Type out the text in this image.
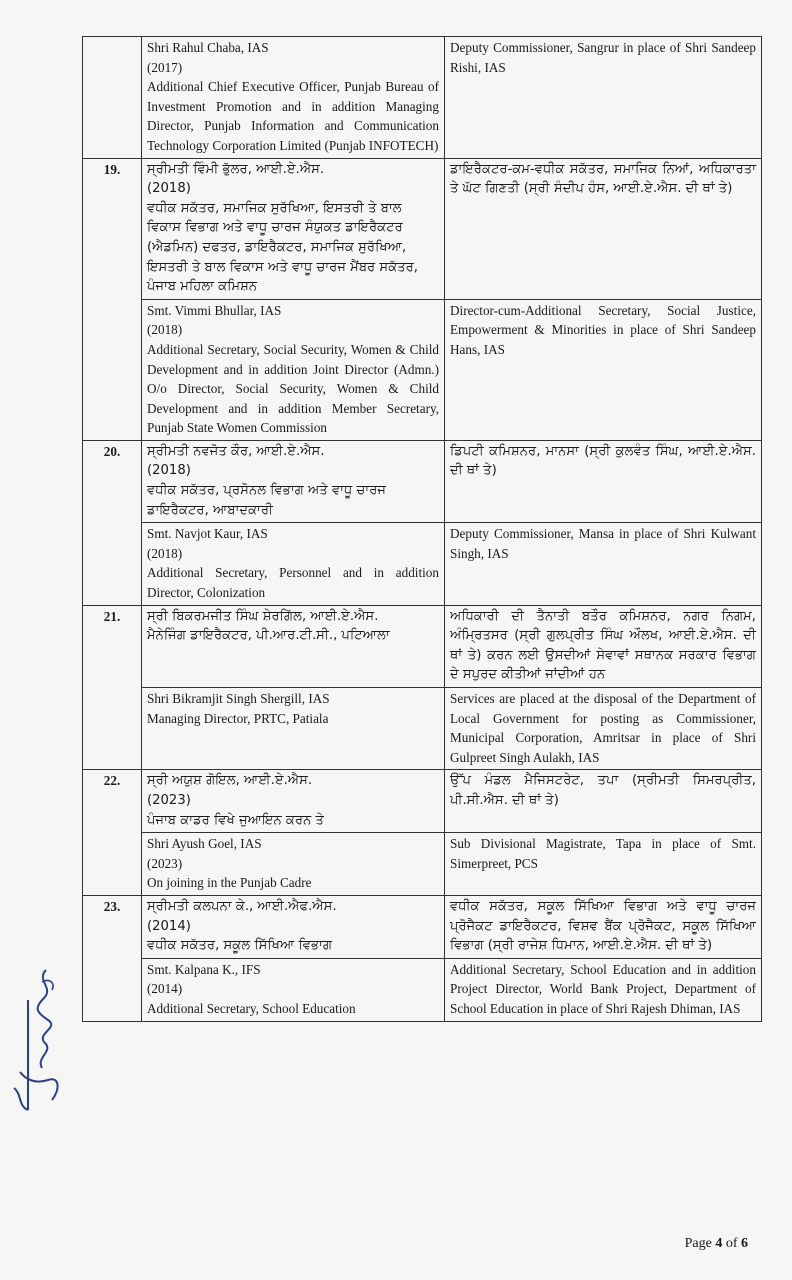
	Shri Rahul Chaba, IAS
(2017)
Additional Chief Executive Officer, Punjab Bureau of Investment Promotion and in addition Managing Director, Punjab Information and Communication Technology Corporation Limited (Punjab INFOTECH)	Deputy Commissioner, Sangrur in place of Shri Sandeep Rishi, IAS
19.	ਸ੍ਰੀਮਤੀ ਵਿੰਮੀ ਭੁੱਲਰ, ਆਈ.ਏ.ਐਸ.
(2018)
ਵਧੀਕ ਸਕੱਤਰ, ਸਮਾਜਿਕ ਸੁਰੱਖਿਆ, ਇਸਤਰੀ ਤੇ ਬਾਲ ਵਿਕਾਸ ਵਿਭਾਗ ਅਤੇ ਵਾਧੂ ਚਾਰਜ ਸੰਯੁਕਤ ਡਾਇਰੈਕਟਰ (ਐਡਮਿਨ) ਦਫਤਰ, ਡਾਇਰੈਕਟਰ, ਸਮਾਜਿਕ ਸੁਰੱਖਿਆ, ਇਸਤਰੀ ਤੇ ਬਾਲ ਵਿਕਾਸ ਅਤੇ ਵਾਧੂ ਚਾਰਜ ਮੈਂਬਰ ਸਕੱਤਰ, ਪੰਜਾਬ ਮਹਿਲਾ ਕਮਿਸ਼ਨ	ਡਾਇਰੈਕਟਰ-ਕਮ-ਵਧੀਕ ਸਕੱਤਰ, ਸਮਾਜਿਕ ਨਿਆਂ, ਅਧਿਕਾਰਤਾ ਤੇ ਘੱਟ ਗਿਣਤੀ (ਸ੍ਰੀ ਸੰਦੀਪ ਹੰਸ, ਆਈ.ਏ.ਐਸ. ਦੀ ਥਾਂ ਤੇ)

	Smt. Vimmi Bhullar, IAS
(2018)
Additional Secretary, Social Security, Women & Child Development and in addition Joint Director (Admn.) O/o Director, Social Security, Women & Child Development and in addition Member Secretary, Punjab State Women Commission	Director-cum-Additional Secretary, Social Justice, Empowerment & Minorities in place of Shri Sandeep Hans, IAS
20.	ਸ੍ਰੀਮਤੀ ਨਵਜੋਤ ਕੌਰ, ਆਈ.ਏ.ਐਸ.
(2018)
ਵਧੀਕ ਸਕੱਤਰ, ਪ੍ਰਸੋਨਲ ਵਿਭਾਗ ਅਤੇ ਵਾਧੂ ਚਾਰਜ ਡਾਇਰੈਕਟਰ, ਆਬਾਦਕਾਰੀ	ਡਿਪਟੀ ਕਮਿਸ਼ਨਰ, ਮਾਨਸਾ (ਸ੍ਰੀ ਕੁਲਵੰਤ ਸਿੰਘ, ਆਈ.ਏ.ਐਸ. ਦੀ ਥਾਂ ਤੇ)

	Smt. Navjot Kaur, IAS
(2018)
Additional Secretary, Personnel and in addition Director, Colonization	Deputy Commissioner, Mansa in place of Shri Kulwant Singh, IAS
21.	ਸ੍ਰੀ ਬਿਕਰਮਜੀਤ ਸਿੰਘ ਸ਼ੇਰਗਿੱਲ, ਆਈ.ਏ.ਐਸ.
ਮੈਨੇਜਿੰਗ ਡਾਇਰੈਕਟਰ, ਪੀ.ਆਰ.ਟੀ.ਸੀ., ਪਟਿਆਲਾ	ਅਧਿਕਾਰੀ ਦੀ ਤੈਨਾਤੀ ਬਤੌਰ ਕਮਿਸ਼ਨਰ, ਨਗਰ ਨਿਗਮ, ਅੰਮ੍ਰਿਤਸਰ (ਸ੍ਰੀ ਗੁਲਪ੍ਰੀਤ ਸਿੰਘ ਔਲਖ, ਆਈ.ਏ.ਐਸ. ਦੀ ਥਾਂ ਤੇ) ਕਰਨ ਲਈ ਉਸਦੀਆਂ ਸੇਵਾਵਾਂ ਸਥਾਨਕ ਸਰਕਾਰ ਵਿਭਾਗ ਦੇ ਸਪੁਰਦ ਕੀਤੀਆਂ ਜਾਂਦੀਆਂ ਹਨ

	Shri Bikramjit Singh Shergill, IAS
Managing Director, PRTC, Patiala	Services are placed at the disposal of the Department of Local Government for posting as Commissioner, Municipal Corporation, Amritsar in place of Shri Gulpreet Singh Aulakh, IAS
22.	ਸ੍ਰੀ ਅਯੁਸ਼ ਗੋਇਲ, ਆਈ.ਏ.ਐਸ.
(2023)
ਪੰਜਾਬ ਕਾਡਰ ਵਿਖੇ ਜੁਆਇਨ ਕਰਨ ਤੇ	ਉੱਪ ਮੰਡਲ ਮੈਜਿਸਟਰੇਟ, ਤਪਾ (ਸ੍ਰੀਮਤੀ ਸਿਮਰਪ੍ਰੀਤ, ਪੀ.ਸੀ.ਐਸ. ਦੀ ਥਾਂ ਤੇ)

	Shri Ayush Goel, IAS
(2023)
On joining in the Punjab Cadre	Sub Divisional Magistrate, Tapa in place of Smt. Simerpreet, PCS
23.	ਸ੍ਰੀਮਤੀ ਕਲਪਨਾ ਕੇ., ਆਈ.ਐਫ.ਐਸ.
(2014)
ਵਧੀਕ ਸਕੱਤਰ, ਸਕੂਲ ਸਿੱਖਿਆ ਵਿਭਾਗ	ਵਧੀਕ ਸਕੱਤਰ, ਸਕੂਲ ਸਿੱਖਿਆ ਵਿਭਾਗ ਅਤੇ ਵਾਧੂ ਚਾਰਜ ਪ੍ਰੋਜੈਕਟ ਡਾਇਰੈਕਟਰ, ਵਿਸ਼ਵ ਬੈਂਕ ਪ੍ਰੋਜੈਕਟ, ਸਕੂਲ ਸਿੱਖਿਆ ਵਿਭਾਗ (ਸ੍ਰੀ ਰਾਜੇਸ਼ ਧਿਮਾਨ, ਆਈ.ਏ.ਐਸ. ਦੀ ਥਾਂ ਤੇ)

	Smt. Kalpana K., IFS
(2014)
Additional Secretary, School Education	Additional Secretary, School Education and in addition Project Director, World Bank Project, Department of School Education in place of Shri Rajesh Dhiman, IAS
Page 4 of 6
